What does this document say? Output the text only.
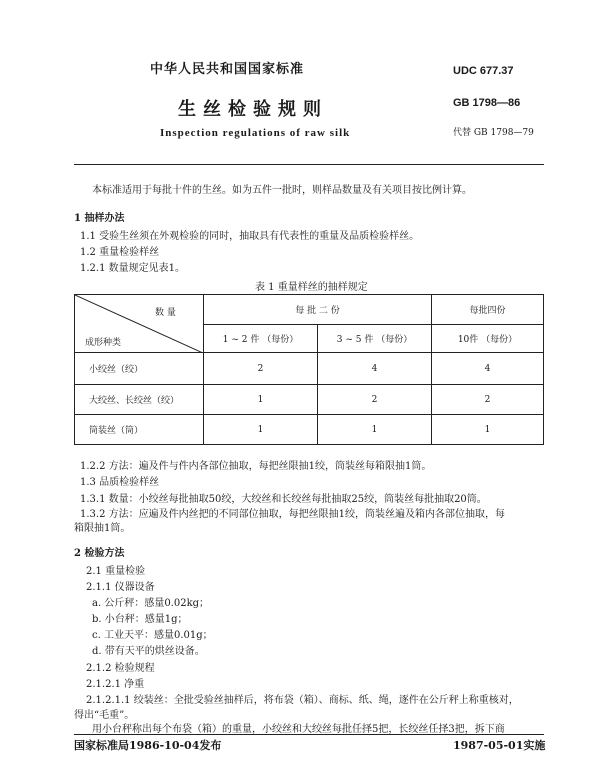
中华人民共和国国家标准
生丝检验规则
Inspection regulations of raw silk
UDC 677.37
GB 1798—86
代替 GB 1798—79
本标准适用于每批十件的生丝。如为五件一批时，则样品数量及有关项目按比例计算。
1 抽样办法
1.1 受验生丝须在外观检验的同时，抽取具有代表性的重量及品质检验样丝。
1.2 重量检验样丝
1.2.1 数量规定见表1。
表 1 重量样丝的抽样规定
数 量
成形种类	每 批 二 份		每批四份
	1 ~ 2 件 （每份）	3 ~ 5 件 （每份）	10件 （每份）
小绞丝（绞）	2	4	4
大绞丝、长绞丝（绞）	1	2	2
筒装丝（筒）	1	1	1
1.2.2 方法：遍及件与件内各部位抽取，每把丝限抽1绞，筒装丝每箱限抽1筒。
1.3 品质检验样丝
1.3.1 数量：小绞丝每批抽取50绞，大绞丝和长绞丝每批抽取25绞，筒装丝每批抽取20筒。
1.3.2 方法：应遍及件内丝把的不同部位抽取，每把丝限抽1绞，筒装丝遍及箱内各部位抽取，每
箱限抽1筒。
2 检验方法
2.1 重量检验
2.1.1 仪器设备
a. 公斤秤：感量0.02kg；
b. 小台秤：感量1g；
c. 工业天平：感量0.01g；
d. 带有天平的烘丝设备。
2.1.2 检验规程
2.1.2.1 净重
2.1.2.1.1 绞装丝：全批受验丝抽样后，将布袋（箱）、商标、纸、绳，逐件在公斤秤上称重核对，
得出“毛重”。
用小台秤称出每个布袋（箱）的重量，小绞丝和大绞丝每批任择5把，长绞丝任择3把，拆下商
国家标准局1986-10-04发布	1987-05-01实施
